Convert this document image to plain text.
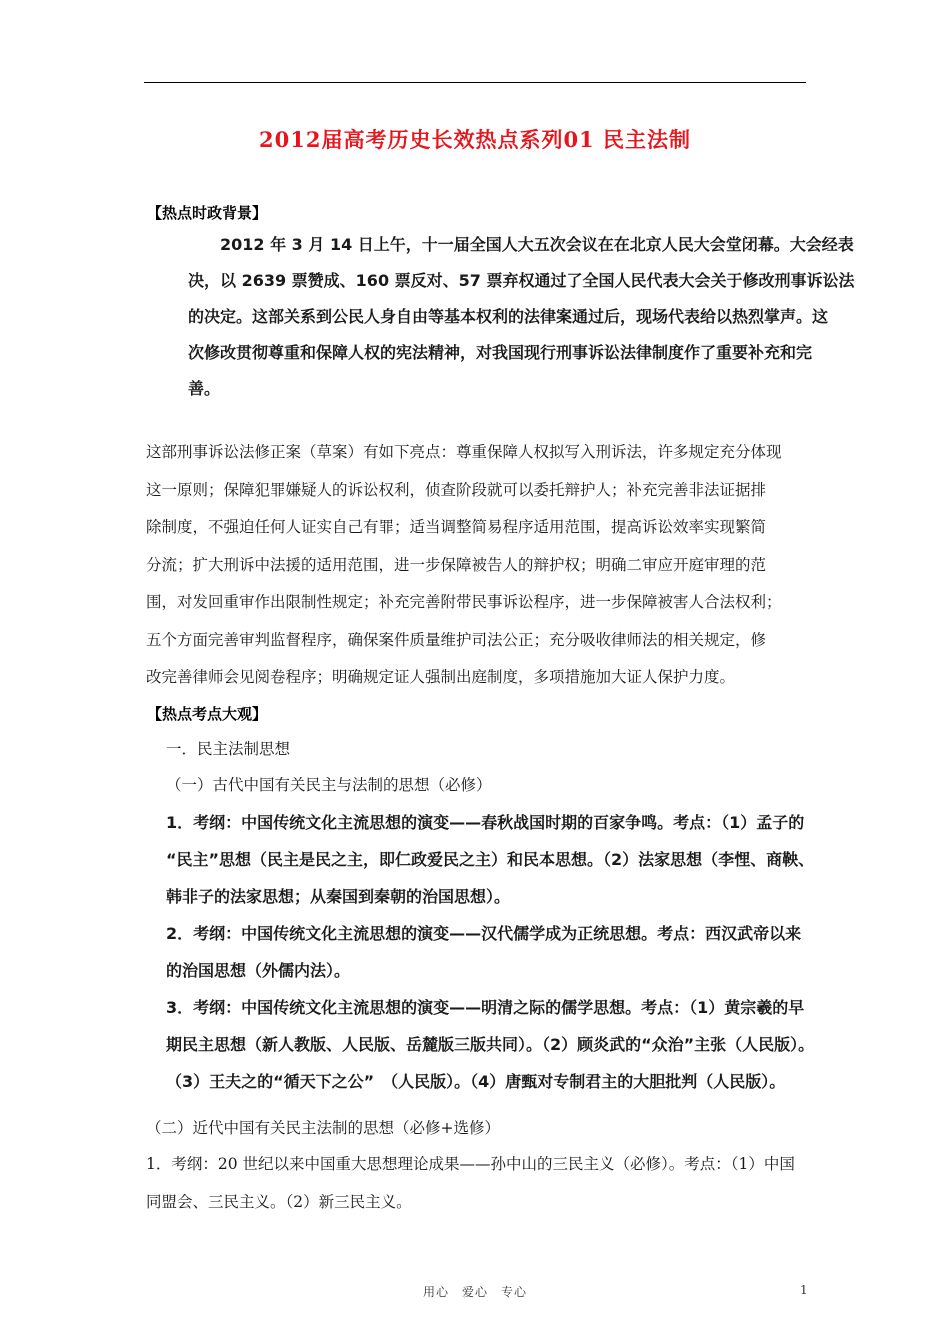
2012届高考历史长效热点系列01 民主法制
【热点时政背景】
2012 年 3 月 14 日上午，十一届全国人大五次会议在在北京人民大会堂闭幕。大会经表
决，以 2639 票赞成、160 票反对、57 票弃权通过了全国人民代表大会关于修改刑事诉讼法
的决定。这部关系到公民人身自由等基本权利的法律案通过后，现场代表给以热烈掌声。这
次修改贯彻尊重和保障人权的宪法精神，对我国现行刑事诉讼法律制度作了重要补充和完
善。
这部刑事诉讼法修正案（草案）有如下亮点：尊重保障人权拟写入刑诉法，许多规定充分体现
这一原则；保障犯罪嫌疑人的诉讼权利，侦查阶段就可以委托辩护人；补充完善非法证据排
除制度，不强迫任何人证实自己有罪；适当调整简易程序适用范围，提高诉讼效率实现繁简
分流；扩大刑诉中法援的适用范围，进一步保障被告人的辩护权；明确二审应开庭审理的范
围，对发回重审作出限制性规定；补充完善附带民事诉讼程序，进一步保障被害人合法权利；
五个方面完善审判监督程序，确保案件质量维护司法公正；充分吸收律师法的相关规定，修
改完善律师会见阅卷程序；明确规定证人强制出庭制度，多项措施加大证人保护力度。
【热点考点大观】
一．民主法制思想
（一）古代中国有关民主与法制的思想（必修）
1．考纲：中国传统文化主流思想的演变——春秋战国时期的百家争鸣。考点：（1）孟子的
“民主”思想（民主是民之主，即仁政爱民之主）和民本思想。（2）法家思想（李悝、商鞅、
韩非子的法家思想；从秦国到秦朝的治国思想）。
2．考纲：中国传统文化主流思想的演变——汉代儒学成为正统思想。考点：西汉武帝以来
的治国思想（外儒内法）。
3．考纲：中国传统文化主流思想的演变——明清之际的儒学思想。考点：（1）黄宗羲的早
期民主思想（新人教版、人民版、岳麓版三版共同）。（2）顾炎武的“众治”主张（人民版）。
（3）王夫之的“循天下之公”　（人民版）。（4）唐甄对专制君主的大胆批判（人民版）。
（二）近代中国有关民主法制的思想（必修+选修）
1．考纲：20 世纪以来中国重大思想理论成果——孙中山的三民主义（必修）。考点：（1）中国
同盟会、三民主义。（2）新三民主义。
用心　爱心　专心	1
